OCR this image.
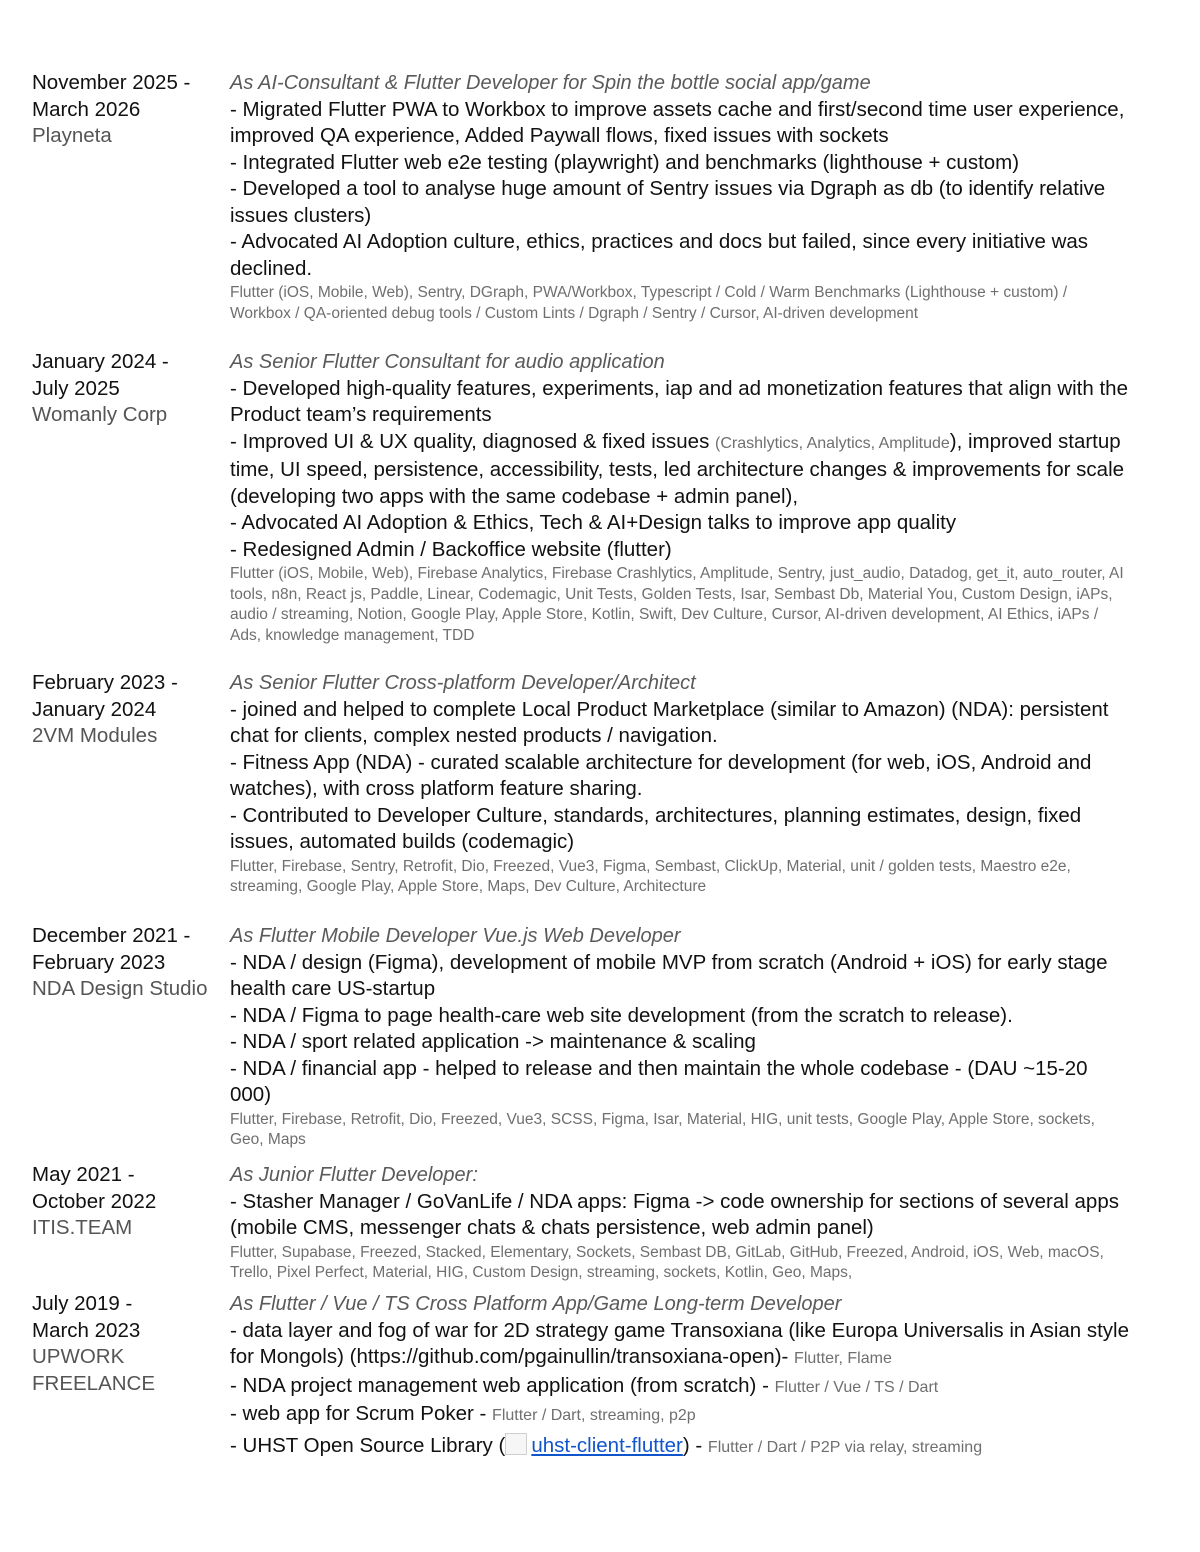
November 2025 -
March 2026
Playneta
As AI-Consultant & Flutter Developer for Spin the bottle social app/game
- Migrated Flutter PWA to Workbox to improve assets cache and first/second time user experience, improved QA experience, Added Paywall flows, fixed issues with sockets
- Integrated Flutter web e2e testing (playwright) and benchmarks (lighthouse + custom)
- Developed a tool to analyse huge amount of Sentry issues via Dgraph as db (to identify relative issues clusters)
- Advocated AI Adoption culture, ethics, practices and docs but failed, since every initiative was declined.
Flutter (iOS, Mobile, Web), Sentry, DGraph, PWA/Workbox, Typescript / Cold / Warm Benchmarks (Lighthouse + custom) / Workbox / QA-oriented debug tools / Custom Lints / Dgraph / Sentry / Cursor, AI-driven development
January 2024 -
July 2025
Womanly Corp
As Senior Flutter Consultant for audio application
- Developed high-quality features, experiments, iap and ad monetization features that align with the Product team’s requirements
- Improved UI & UX quality, diagnosed & fixed issues (Crashlytics, Analytics, Amplitude), improved startup time, UI speed, persistence, accessibility, tests, led architecture changes & improvements for scale (developing two apps with the same codebase + admin panel),
- Advocated AI Adoption & Ethics, Tech & AI+Design talks to improve app quality
- Redesigned Admin / Backoffice website (flutter)
Flutter (iOS, Mobile, Web), Firebase Analytics, Firebase Crashlytics, Amplitude, Sentry, just_audio, Datadog, get_it, auto_router, AI tools, n8n, React js, Paddle, Linear, Codemagic, Unit Tests, Golden Tests, Isar, Sembast Db, Material You, Custom Design, iAPs, audio / streaming, Notion, Google Play, Apple Store, Kotlin, Swift, Dev Culture, Cursor, AI-driven development, AI Ethics, iAPs / Ads, knowledge management, TDD
February 2023 -
January 2024
2VM Modules
As Senior Flutter Cross-platform Developer/Architect
- joined and helped to complete Local Product Marketplace (similar to Amazon) (NDA): persistent chat for clients, complex nested products / navigation.
- Fitness App (NDA) - curated scalable architecture for development (for web, iOS, Android and watches), with cross platform feature sharing.
- Contributed to Developer Culture, standards, architectures, planning estimates, design, fixed issues, automated builds (codemagic)
Flutter, Firebase, Sentry, Retrofit, Dio, Freezed, Vue3, Figma, Sembast, ClickUp, Material, unit / golden tests, Maestro e2e, streaming, Google Play, Apple Store, Maps, Dev Culture, Architecture
December 2021 -
February 2023
NDA Design Studio
As Flutter Mobile Developer Vue.js Web Developer
- NDA / design (Figma), development of mobile MVP from scratch (Android + iOS) for early stage health care US-startup
- NDA / Figma to page health-care web site development (from the scratch to release).
- NDA / sport related application -> maintenance & scaling
- NDA / financial app - helped to release and then maintain the whole codebase - (DAU ~15-20 000)
Flutter, Firebase, Retrofit, Dio, Freezed, Vue3, SCSS, Figma, Isar, Material, HIG, unit tests, Google Play, Apple Store, sockets, Geo, Maps
May 2021 -
October 2022
ITIS.TEAM
As Junior Flutter Developer:
- Stasher Manager / GoVanLife / NDA apps: Figma -> code ownership for sections of several apps (mobile CMS, messenger chats & chats persistence, web admin panel)
Flutter, Supabase, Freezed, Stacked, Elementary, Sockets, Sembast DB, GitLab, GitHub, Freezed, Android, iOS, Web, macOS, Trello, Pixel Perfect, Material, HIG, Custom Design, streaming, sockets, Kotlin, Geo, Maps,
July 2019 -
March 2023
UPWORK
FREELANCE
As Flutter / Vue / TS Cross Platform App/Game Long-term Developer
- data layer and fog of war for 2D strategy game Transoxiana (like Europa Universalis in Asian style for Mongols) (https://github.com/pgainullin/transoxiana-open)- Flutter, Flame
- NDA project management web application (from scratch) - Flutter / Vue / TS / Dart
- web app for Scrum Poker - Flutter / Dart, streaming, p2p
- UHST Open Source Library ( uhst-client-flutter) - Flutter / Dart / P2P via relay, streaming
